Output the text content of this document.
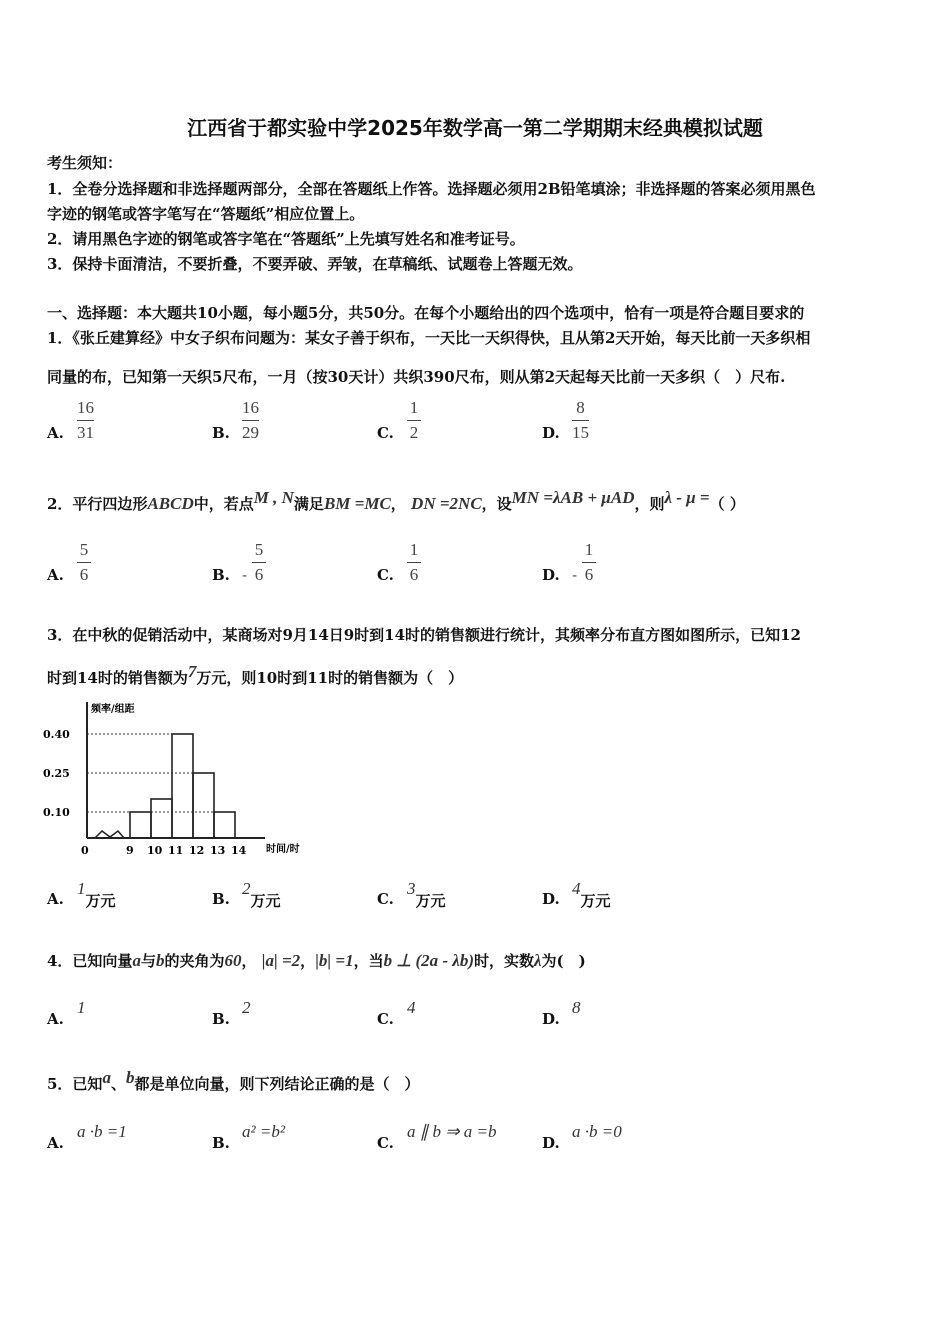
江西省于都实验中学2025年数学高一第二学期期末经典模拟试题
考生须知：
1．全卷分选择题和非选择题两部分，全部在答题纸上作答。选择题必须用2B铅笔填涂；非选择题的答案必须用黑色
字迹的钢笔或答字笔写在“答题纸”相应位置上。
2．请用黑色字迹的钢笔或答字笔在“答题纸”上先填写姓名和准考证号。
3．保持卡面清洁，不要折叠，不要弄破、弄皱，在草稿纸、试题卷上答题无效。
一、选择题：本大题共10小题，每小题5分，共50分。在每个小题给出的四个选项中，恰有一项是符合题目要求的
1．《张丘建算经》中女子织布问题为：某女子善于织布，一天比一天织得快，且从第2天开始，每天比前一天多织相
同量的布，已知第一天织5尺布，一月（按30天计）共织390尺布，则从第2天起每天比前一天多织（　）尺布.
A.
16
31	B.
16
29	C.
1
2	D.
8
15
2．平行四边形ABCD中，若点$^{M , N}$满足BM =MC， DN =2NC，设$^{MN =\lambda AB + \mu AD}$，则$^{\lambda - \mu =}$（ ）
A.
5
6	B. -
5
6	C.
1
6	D. -
1
6
3．在中秋的促销活动中，某商场对9月14日9时到14时的销售额进行统计，其频率分布直方图如图所示，已知12
时到14时的销售额为$^7$万元，则10时到11时的销售额为（　）
0.10
0.25
0.40
0	9 10 11 12 13 14 时间/时
频率/组距
A.
1万元	B.
2万元	C.
3万元	D.
4万元
4．已知向量a与b的夹角为60， |a| =2，|b| =1，当b ⊥ (2a - λb)时，实数λ为(　)
A.
1
B.
2
C.
4
D.
8
5．已知$^a$、$^b$都是单位向量，则下列结论正确的是（　）
A.
a ·b =1
B.
a² =b²
C.
a ∥ b ⇒ a =b
D.
a ·b =0
